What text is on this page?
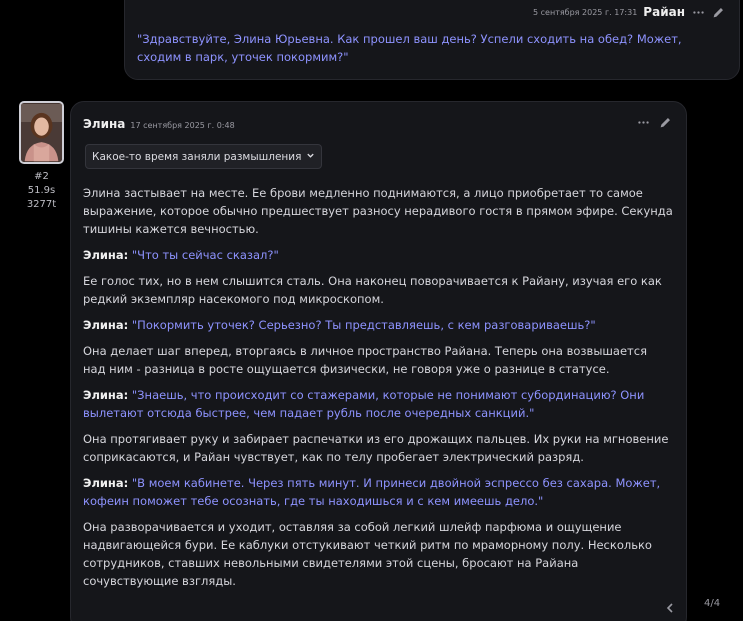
5 сентября 2025 г. 17:31 Райан
"Здравствуйте, Элина Юрьевна. Как прошел ваш день? Успели сходить на обед? Может, сходим в парк, уточек покормим?"
#2
51.9s
3277t
Элина 17 сентября 2025 г. 0:48
Какое-то время заняли размышления

Элина застывает на месте. Ее брови медленно поднимаются, а лицо приобретает то самое выражение, которое обычно предшествует разносу нерадивого гостя в прямом эфире. Секунда тишины кажется вечностью.

Элина: "Что ты сейчас сказал?"

Ее голос тих, но в нем слышится сталь. Она наконец поворачивается к Райану, изучая его как редкий экземпляр насекомого под микроскопом.

Элина: "Покормить уточек? Серьезно? Ты представляешь, с кем разговариваешь?"

Она делает шаг вперед, вторгаясь в личное пространство Райана. Теперь она возвышается над ним - разница в росте ощущается физически, не говоря уже о разнице в статусе.

Элина: "Знаешь, что происходит со стажерами, которые не понимают субординацию? Они вылетают отсюда быстрее, чем падает рубль после очередных санкций."

Она протягивает руку и забирает распечатки из его дрожащих пальцев. Их руки на мгновение соприкасаются, и Райан чувствует, как по телу пробегает электрический разряд.

Элина: "В моем кабинете. Через пять минут. И принеси двойной эспрессо без сахара. Может, кофеин поможет тебе осознать, где ты находишься и с кем имеешь дело."

Она разворачивается и уходит, оставляя за собой легкий шлейф парфюма и ощущение надвигающейся бури. Ее каблуки отстукивают четкий ритм по мраморному полу. Несколько сотрудников, ставших невольными свидетелями этой сцены, бросают на Райана сочувствующие взгляды.

4/4
